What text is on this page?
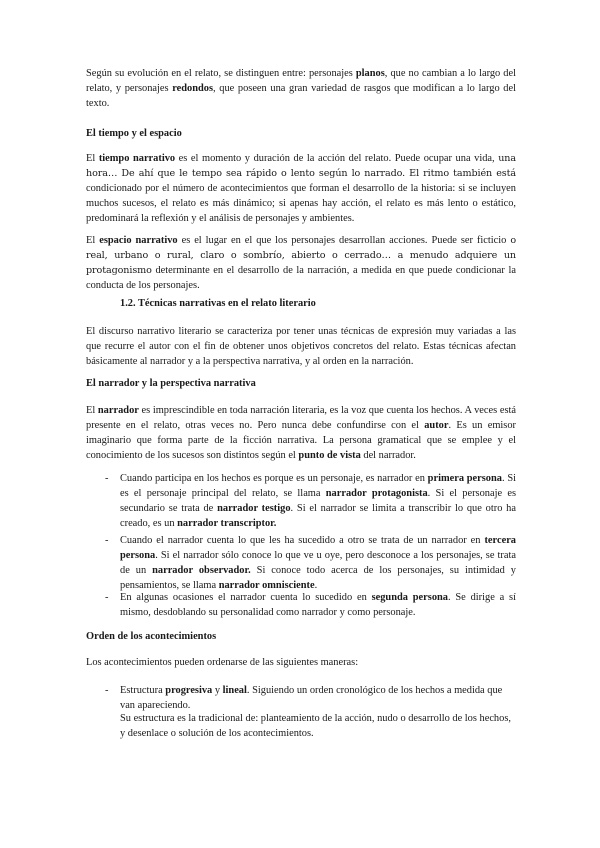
Según su evolución en el relato, se distinguen entre: personajes planos, que no cambian a lo largo del relato, y personajes redondos, que poseen una gran variedad de rasgos que modifican a lo largo del texto.

El tiempo y el espacio

El tiempo narrativo es el momento y duración de la acción del relato. Puede ocupar una vida, una hora… De ahí que le tempo sea rápido o lento según lo narrado. El ritmo también está condicionado por el número de acontecimientos que forman el desarrollo de la historia: si se incluyen muchos sucesos, el relato es más dinámico; si apenas hay acción, el relato es más lento o estático, predominará la reflexión y el análisis de personajes y ambientes.

El espacio narrativo es el lugar en el que los personajes desarrollan acciones. Puede ser ficticio o real, urbano o rural, claro o sombrío, abierto o cerrado… a menudo adquiere un protagonismo determinante en el desarrollo de la narración, a medida en que puede condicionar la conducta de los personajes.

1.2. Técnicas narrativas en el relato literario

El discurso narrativo literario se caracteriza por tener unas técnicas de expresión muy variadas a las que recurre el autor con el fin de obtener unos objetivos concretos del relato. Estas técnicas afectan básicamente al narrador y a la perspectiva narrativa, y al orden en la narración.

El narrador y la perspectiva narrativa

El narrador es imprescindible en toda narración literaria, es la voz que cuenta los hechos. A veces está presente en el relato, otras veces no. Pero nunca debe confundirse con el autor. Es un emisor imaginario que forma parte de la ficción narrativa. La persona gramatical que se emplee y el conocimiento de los sucesos son distintos según el punto de vista del narrador.

-	Cuando participa en los hechos es porque es un personaje, es narrador en primera persona. Si es el personaje principal del relato, se llama narrador protagonista. Si el personaje es secundario se trata de narrador testigo. Si el narrador se limita a transcribir lo que otro ha creado, es un narrador transcriptor.

-	Cuando el narrador cuenta lo que les ha sucedido a otro se trata de un narrador en tercera persona. Si el narrador sólo conoce lo que ve u oye, pero desconoce a los personajes, se trata de un narrador observador. Si conoce todo acerca de los personajes, su intimidad y pensamientos, se llama narrador omnisciente.

-	En algunas ocasiones el narrador cuenta lo sucedido en segunda persona. Se dirige a sí mismo, desdoblando su personalidad como narrador y como personaje.

Orden de los acontecimientos

Los acontecimientos pueden ordenarse de las siguientes maneras:

-	Estructura progresiva y lineal. Siguiendo un orden cronológico de los hechos a medida que van apareciendo.

Su estructura es la tradicional de: planteamiento de la acción, nudo o desarrollo de los hechos, y desenlace o solución de los acontecimientos.
